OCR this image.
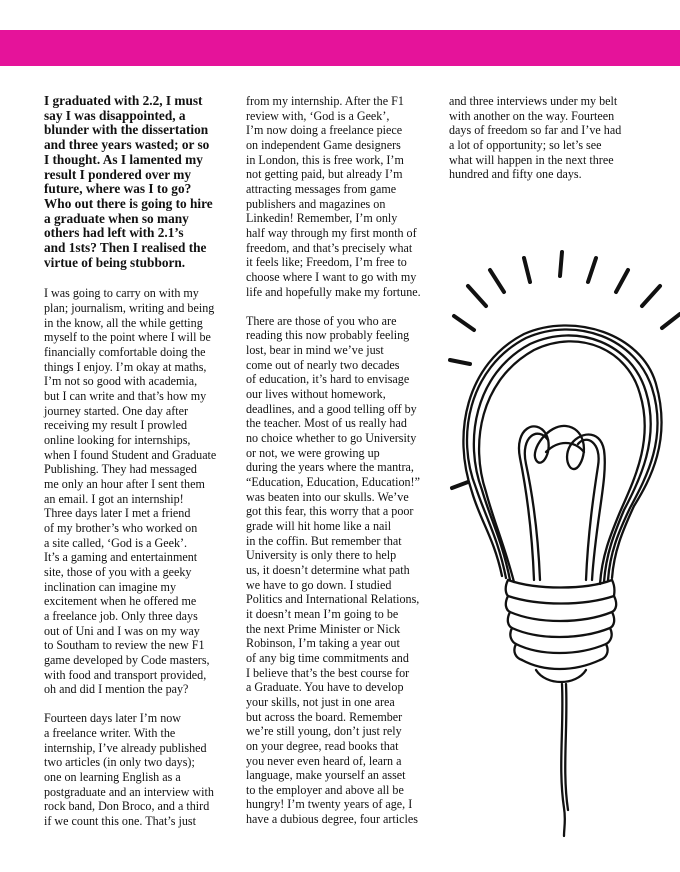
I graduated with 2.2, I must

say I was disappointed, a

blunder with the dissertation

and three years wasted; or so

I thought. As I lamented my

result I pondered over my

future, where was I to go?

Who out there is going to hire

a graduate when so many

others had left with 2.1’s

and 1sts? Then I realised the

virtue of being stubborn.

I was going to carry on with my

plan; journalism, writing and being

in the know, all the while getting

myself to the point where I will be

financially comfortable doing the

things I enjoy. I’m okay at maths,

I’m not so good with academia,

but I can write and that’s how my

journey started. One day after

receiving my result I prowled

online looking for internships,

when I found Student and Graduate

Publishing. They had messaged

me only an hour after I sent them

an email. I got an internship!

Three days later I met a friend

of my brother’s who worked on

a site called, ‘God is a Geek’.

It’s a gaming and entertainment

site, those of you with a geeky

inclination can imagine my

excitement when he offered me

a freelance job. Only three days

out of Uni and I was on my way

to Southam to review the new F1

game developed by Code masters,

with food and transport provided,

oh and did I mention the pay?

Fourteen days later I’m now

a freelance writer. With the

internship, I’ve already published

two articles (in only two days);

one on learning English as a

postgraduate and an interview with

rock band, Don Broco, and a third

if we count this one. That’s just

from my internship. After the F1

review with, ‘God is a Geek’,

I’m now doing a freelance piece

on independent Game designers

in London, this is free work, I’m

not getting paid, but already I’m

attracting messages from game

publishers and magazines on

Linkedin! Remember, I’m only

half way through my first month of

freedom, and that’s precisely what

it feels like; Freedom, I’m free to

choose where I want to go with my

life and hopefully make my fortune.

There are those of you who are

reading this now probably feeling

lost, bear in mind we’ve just

come out of nearly two decades

of education, it’s hard to envisage

our lives without homework,

deadlines, and a good telling off by

the teacher. Most of us really had

no choice whether to go University

or not, we were growing up

during the years where the mantra,

“Education, Education, Education!”

was beaten into our skulls. We’ve

got this fear, this worry that a poor

grade will hit home like a nail

in the coffin. But remember that

University is only there to help

us, it doesn’t determine what path

we have to go down. I studied

Politics and International Relations,

it doesn’t mean I’m going to be

the next Prime Minister or Nick

Robinson, I’m taking a year out

of any big time commitments and

I believe that’s the best course for

a Graduate. You have to develop

your skills, not just in one area

but across the board. Remember

we’re still young, don’t just rely

on your degree, read books that

you never even heard of, learn a

language, make yourself an asset

to the employer and above all be

hungry! I’m twenty years of age, I

have a dubious degree, four articles

and three interviews under my belt

with another on the way. Fourteen

days of freedom so far and I’ve had

a lot of opportunity; so let’s see

what will happen in the next three

hundred and fifty one days.
